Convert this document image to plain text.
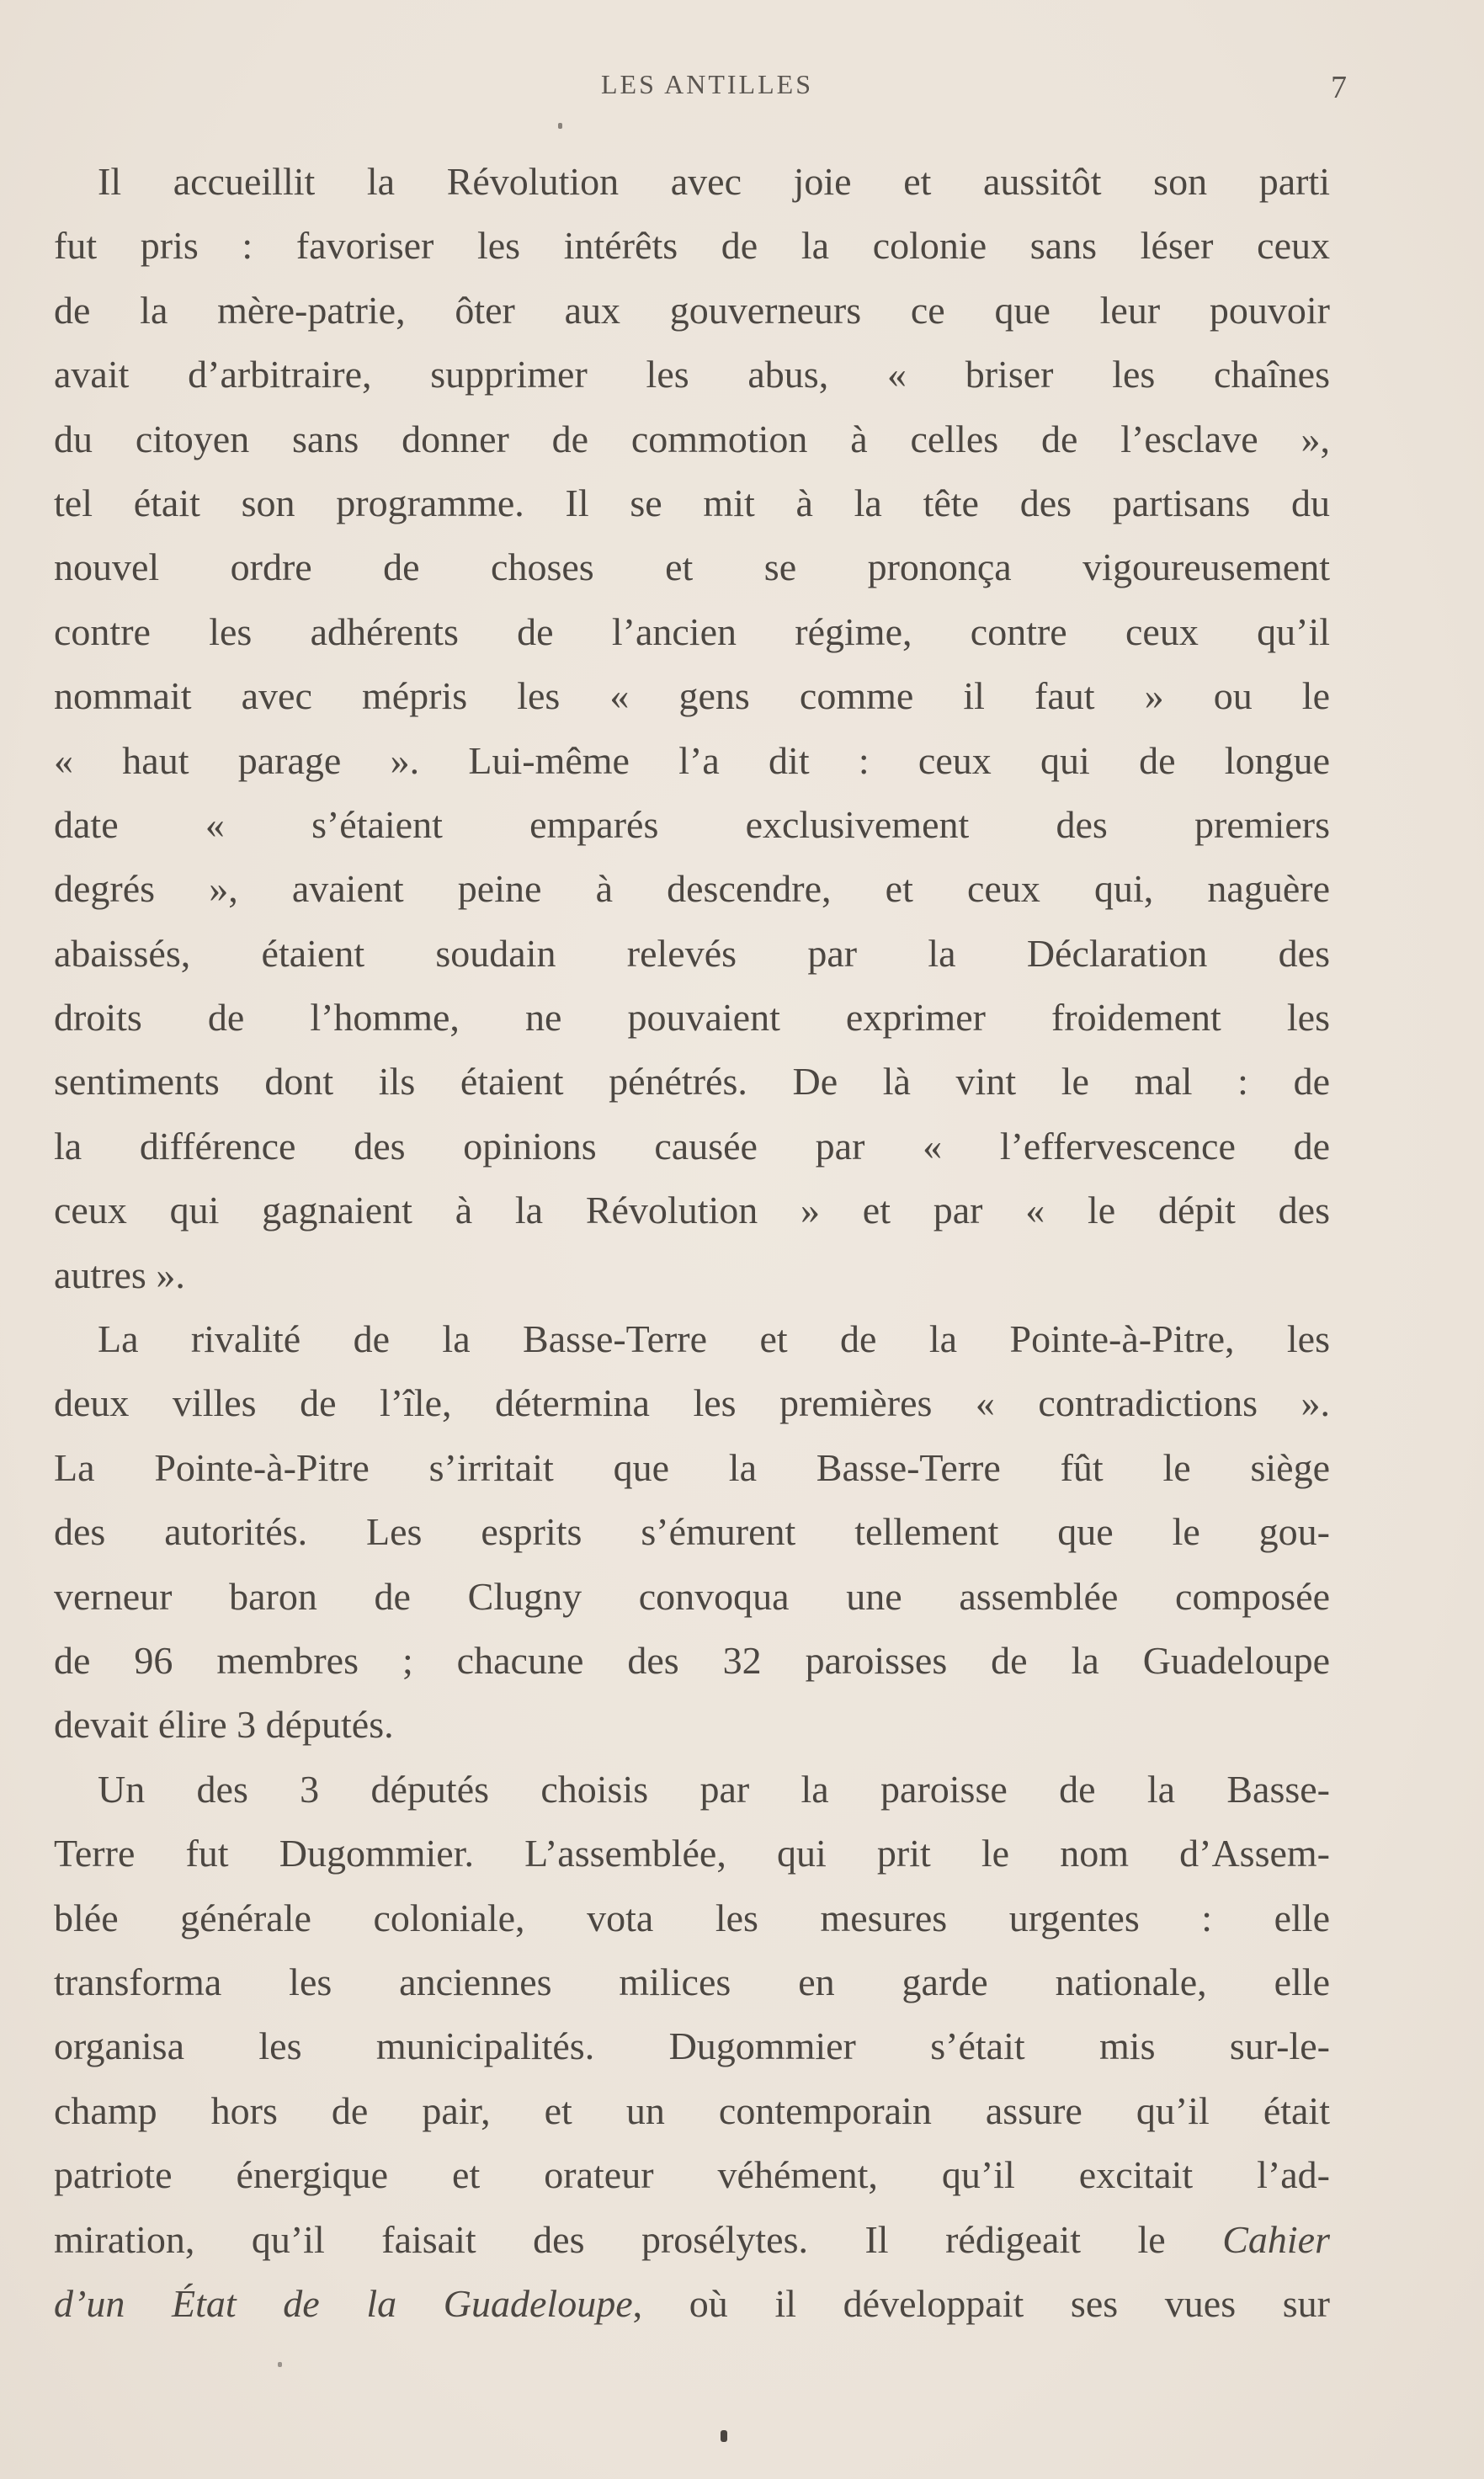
LES ANTILLES	7
Il accueillit la Révolution avec joie et aussitôt son parti
fut pris : favoriser les intérêts de la colonie sans léser ceux
de la mère-patrie, ôter aux gouverneurs ce que leur pouvoir
avait d’arbitraire, supprimer les abus, « briser les chaînes
du citoyen sans donner de commotion à celles de l’esclave »,
tel était son programme. Il se mit à la tête des partisans du
nouvel ordre de choses et se prononça vigoureusement
contre les adhérents de l’ancien régime, contre ceux qu’il
nommait avec mépris les « gens comme il faut » ou le
« haut parage ». Lui-même l’a dit : ceux qui de longue
date « s’étaient emparés exclusivement des premiers
degrés », avaient peine à descendre, et ceux qui, naguère
abaissés, étaient soudain relevés par la Déclaration des
droits de l’homme, ne pouvaient exprimer froidement les
sentiments dont ils étaient pénétrés. De là vint le mal : de
la différence des opinions causée par « l’effervescence de
ceux qui gagnaient à la Révolution » et par « le dépit des
autres ».
La rivalité de la Basse-Terre et de la Pointe-à-Pitre, les
deux villes de l’île, détermina les premières « contradictions ».
La Pointe-à-Pitre s’irritait que la Basse-Terre fût le siège
des autorités. Les esprits s’émurent tellement que le gou-
verneur baron de Clugny convoqua une assemblée composée
de 96 membres ; chacune des 32 paroisses de la Guadeloupe
devait élire 3 députés.
Un des 3 députés choisis par la paroisse de la Basse-
Terre fut Dugommier. L’assemblée, qui prit le nom d’Assem-
blée générale coloniale, vota les mesures urgentes : elle
transforma les anciennes milices en garde nationale, elle
organisa les municipalités. Dugommier s’était mis sur-le-
champ hors de pair, et un contemporain assure qu’il était
patriote énergique et orateur véhément, qu’il excitait l’ad-
miration, qu’il faisait des prosélytes. Il rédigeait le Cahier
d’un État de la Guadeloupe, où il développait ses vues sur
